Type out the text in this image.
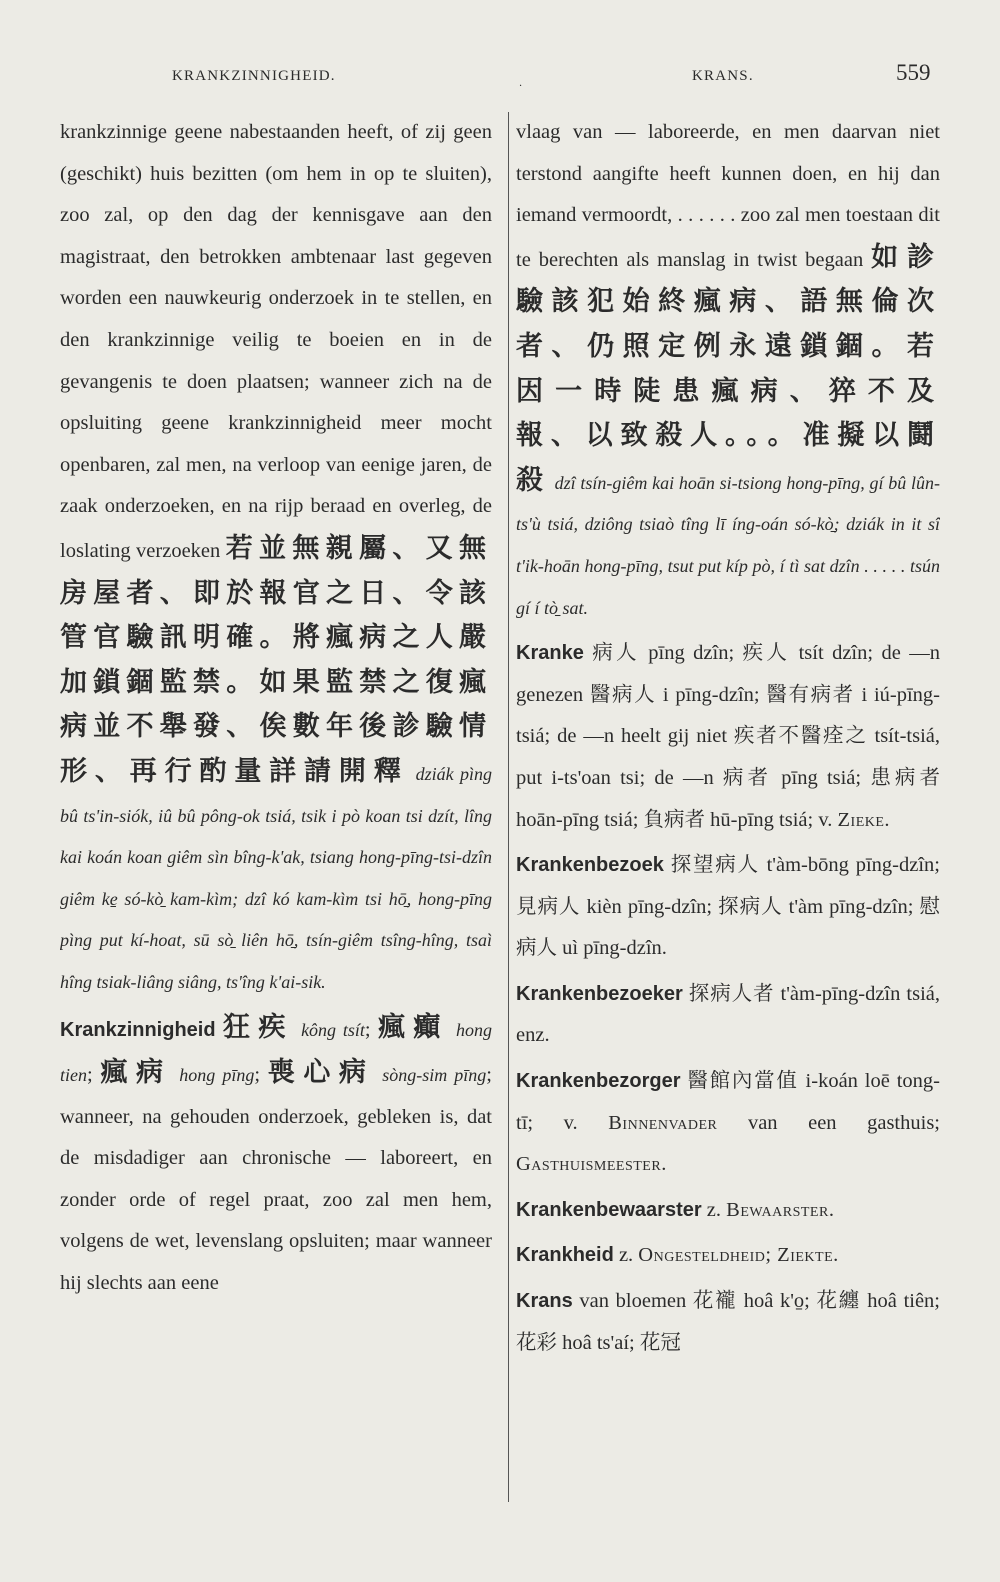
KRANKZINNIGHEID.
·
KRANS.	559

krankzinnige geene nabestaanden heeft, of zij geen (geschikt) huis bezitten (om hem in op te sluiten), zoo zal, op den dag der kennisgave aan den magistraat, den betrokken ambtenaar last gegeven worden een nauwkeurig onderzoek in te stellen, en den krankzinnige veilig te boeien en in de gevangenis te doen plaatsen; wanneer zich na de opsluiting geene krankzinnigheid meer mocht openbaren, zal men, na verloop van eenige jaren, de zaak onderzoeken, en na rijp beraad en overleg, de loslating verzoeken 若並無親屬、又無房屋者、即於報官之日、令該管官驗訊明確。將瘋病之人嚴加鎖錮監禁。如果監禁之復瘋病並不舉發、俟數年後診驗情形、再行酌量詳請開釋 dziák pìng bû ts'in-siók, iû bû pông-ok tsiá, tsik i pò koan tsi dzít, lîng kai koán koan giêm sìn bîng-k'ak, tsiang hong-pīng-tsi-dzîn giêm ke̱ só-kò̱ kam-kìm; dzî kó kam-kìm tsi hō̱, hong-pīng pìng put kí-hoat, sū sò̱ liên hō̱, tsín-giêm tsîng-hîng, tsaì hîng tsiak-liâng siâng, ts'îng k'ai-sik.

Krankzinnigheid 狂疾 kông tsít; 瘋癲 hong tien; 瘋病 hong pīng; 喪心病 sòng-sim pīng; wanneer, na gehouden onderzoek, gebleken is, dat de misdadiger aan chronische — laboreert, en zonder orde of regel praat, zoo zal men hem, volgens de wet, levenslang opsluiten; maar wanneer hij slechts aan eene

vlaag van — laboreerde, en men daarvan niet terstond aangifte heeft kunnen doen, en hij dan iemand vermoordt, . . . . . . zoo zal men toestaan dit te berechten als manslag in twist begaan 如診驗該犯始終瘋病、語無倫次者、仍照定例永遠鎖錮。若因一時陡患瘋病、猝不及報、以致殺人。。。准擬以鬪殺 dzî tsín-giêm kai hoān si-tsiong hong-pīng, gí bû lûn-ts'ù tsiá, dziông tsiaò tîng lī íng-oán só-kò̱; dziák in it sî t'ik-hoān hong-pīng, tsut put kíp pò, í tì sat dzîn . . . . . tsún gí í tò̱ sat.

Kranke 病人 pīng dzîn; 疾人 tsít dzîn; de —n genezen 醫病人 i pīng-dzîn; 醫有病者 i iú-pīng-tsiá; de —n heelt gij niet 疾者不醫痊之 tsít-tsiá, put i-ts'oan tsi; de —n 病者 pīng tsiá; 患病者 hoān-pīng tsiá; 負病者 hū-pīng tsiá; v. Zieke.

Krankenbezoek 探望病人 t'àm-bōng pīng-dzîn; 見病人 kièn pīng-dzîn; 探病人 t'àm pīng-dzîn; 慰病人 uì pīng-dzîn.

Krankenbezoeker 探病人者 t'àm-pīng-dzîn tsiá, enz.

Krankenbezorger 醫館內當值 i-koán loē tong-tī; v. Binnenvader van een gasthuis; Gasthuismeester.

Krankenbewaarster z. Bewaarster.

Krankheid z. Ongesteldheid; Ziekte.

Krans van bloemen 花襱 hoâ k'o̱; 花纏 hoâ tiên; 花彩 hoâ ts'aí; 花冠
